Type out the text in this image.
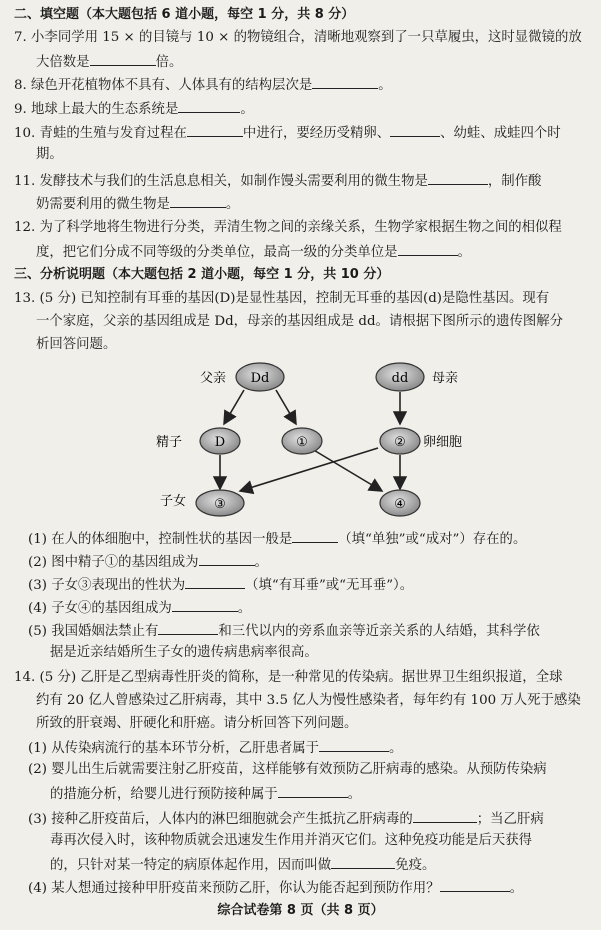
二、填空题（本大题包括 6 道小题，每空 1 分，共 8 分）
7. 小李同学用 15 × 的目镜与 10 × 的物镜组合，清晰地观察到了一只草履虫，这时显微镜的放
大倍数是	倍。
8. 绿色开花植物体不具有、人体具有的结构层次是	。
9. 地球上最大的生态系统是	。
10. 青蛙的生殖与发育过程在	中进行，要经历受精卵、	、幼蛙、成蛙四个时
期。
11. 发酵技术与我们的生活息息相关，如制作馒头需要利用的微生物是	，制作酸
奶需要利用的微生物是	。
12. 为了科学地将生物进行分类，弄清生物之间的亲缘关系，生物学家根据生物之间的相似程
度，把它们分成不同等级的分类单位，最高一级的分类单位是	。
三、分析说明题（本大题包括 2 道小题，每空 1 分，共 10 分）
13. (5 分) 已知控制有耳垂的基因(D)是显性基因，控制无耳垂的基因(d)是隐性基因。现有
一个家庭，父亲的基因组成是 Dd，母亲的基因组成是 dd。请根据下图所示的遗传图解分
析回答问题。
父亲 Dd	dd 母亲
精子	D	①	② 卵细胞
子女 ③	④
(1) 在人的体细胞中，控制性状的基因一般是	（填“单独”或“成对”）存在的。
(2) 图中精子①的基因组成为	。
(3) 子女③表现出的性状为	（填“有耳垂”或“无耳垂”）。
(4) 子女④的基因组成为	。
(5) 我国婚姻法禁止有	和三代以内的旁系血亲等近亲关系的人结婚，其科学依
据是近亲结婚所生子女的遗传病患病率很高。
14. (5 分) 乙肝是乙型病毒性肝炎的简称，是一种常见的传染病。据世界卫生组织报道，全球
约有 20 亿人曾感染过乙肝病毒，其中 3.5 亿人为慢性感染者，每年约有 100 万人死于感染
所致的肝衰竭、肝硬化和肝癌。请分析回答下列问题。
(1) 从传染病流行的基本环节分析，乙肝患者属于	。
(2) 婴儿出生后就需要注射乙肝疫苗，这样能够有效预防乙肝病毒的感染。从预防传染病
的措施分析，给婴儿进行预防接种属于	。
(3) 接种乙肝疫苗后，人体内的淋巴细胞就会产生抵抗乙肝病毒的	；当乙肝病
毒再次侵入时，该种物质就会迅速发生作用并消灭它们。这种免疫功能是后天获得
的，只针对某一特定的病原体起作用，因而叫做	免疫。
(4) 某人想通过接种甲肝疫苗来预防乙肝，你认为能否起到预防作用？	。
综合试卷第 8 页（共 8 页）
